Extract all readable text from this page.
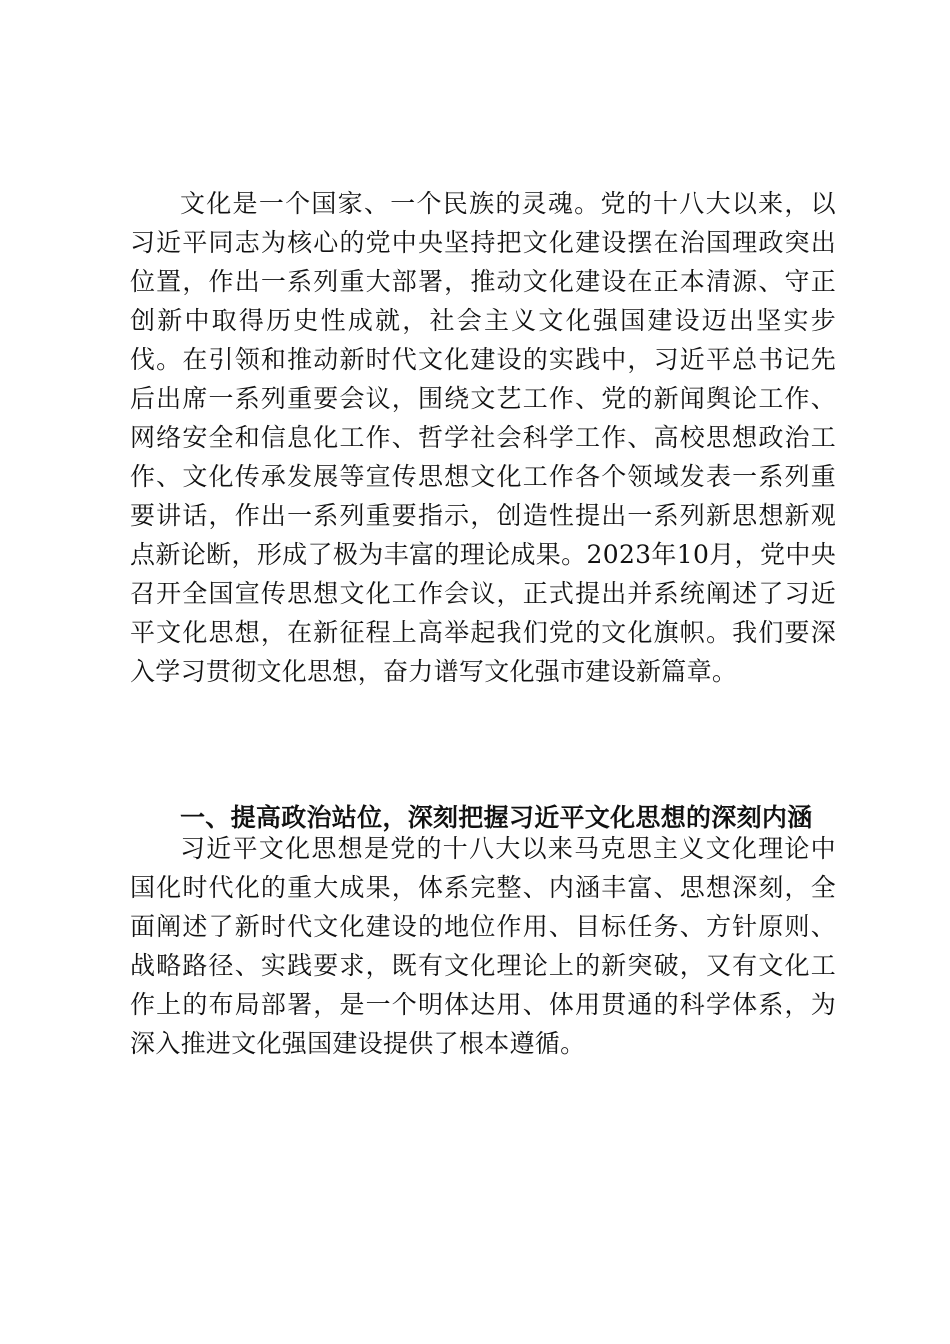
文化是一个国家、一个民族的灵魂。党的十八大以来，以习近平同志为核心的党中央坚持把文化建设摆在治国理政突出位置，作出一系列重大部署，推动文化建设在正本清源、守正创新中取得历史性成就，社会主义文化强国建设迈出坚实步伐。在引领和推动新时代文化建设的实践中，习近平总书记先后出席一系列重要会议，围绕文艺工作、党的新闻舆论工作、网络安全和信息化工作、哲学社会科学工作、高校思想政治工作、文化传承发展等宣传思想文化工作各个领域发表一系列重要讲话，作出一系列重要指示，创造性提出一系列新思想新观点新论断，形成了极为丰富的理论成果。2023年10月，党中央召开全国宣传思想文化工作会议，正式提出并系统阐述了习近平文化思想，在新征程上高举起我们党的文化旗帜。我们要深入学习贯彻文化思想，奋力谱写文化强市建设新篇章。

一、提高政治站位，深刻把握习近平文化思想的深刻内涵

习近平文化思想是党的十八大以来马克思主义文化理论中国化时代化的重大成果，体系完整、内涵丰富、思想深刻，全面阐述了新时代文化建设的地位作用、目标任务、方针原则、战略路径、实践要求，既有文化理论上的新突破，又有文化工作上的布局部署，是一个明体达用、体用贯通的科学体系，为深入推进文化强国建设提供了根本遵循。
